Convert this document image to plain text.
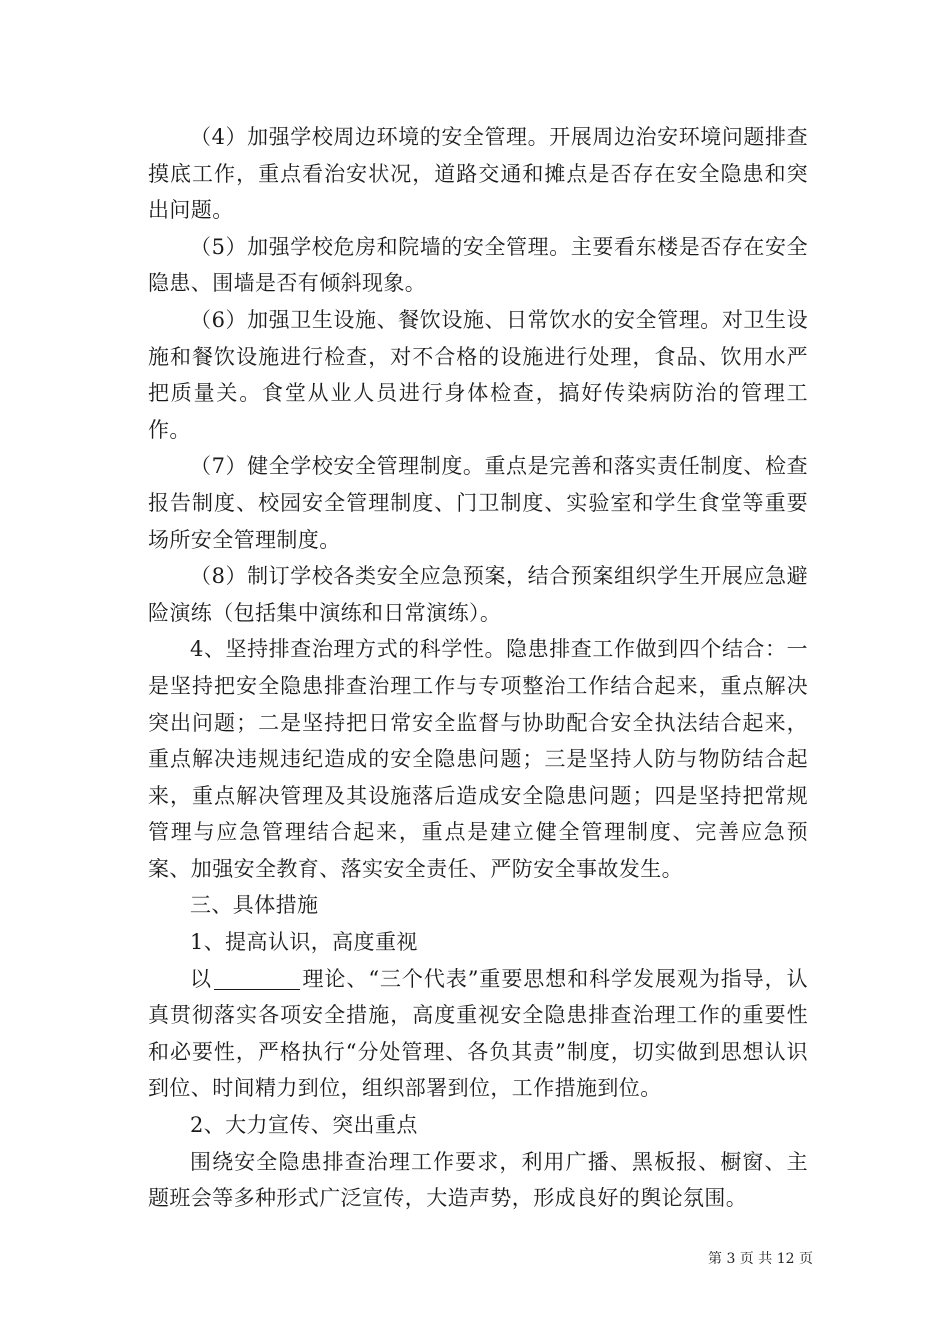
（4）加强学校周边环境的安全管理。开展周边治安环境问题排查摸底工作，重点看治安状况，道路交通和摊点是否存在安全隐患和突出问题。

（5）加强学校危房和院墙的安全管理。主要看东楼是否存在安全隐患、围墙是否有倾斜现象。

（6）加强卫生设施、餐饮设施、日常饮水的安全管理。对卫生设施和餐饮设施进行检查，对不合格的设施进行处理，食品、饮用水严把质量关。食堂从业人员进行身体检查，搞好传染病防治的管理工作。

（7）健全学校安全管理制度。重点是完善和落实责任制度、检查报告制度、校园安全管理制度、门卫制度、实验室和学生食堂等重要场所安全管理制度。

（8）制订学校各类安全应急预案，结合预案组织学生开展应急避险演练（包括集中演练和日常演练）。

4、坚持排查治理方式的科学性。隐患排查工作做到四个结合：一是坚持把安全隐患排查治理工作与专项整治工作结合起来，重点解决突出问题；二是坚持把日常安全监督与协助配合安全执法结合起来，重点解决违规违纪造成的安全隐患问题；三是坚持人防与物防结合起来，重点解决管理及其设施落后造成安全隐患问题；四是坚持把常规管理与应急管理结合起来，重点是建立健全管理制度、完善应急预案、加强安全教育、落实安全责任、严防安全事故发生。

三、具体措施

1、提高认识，高度重视

以	理论、“三个代表”重要思想和科学发展观为指导，认真贯彻落实各项安全措施，高度重视安全隐患排查治理工作的重要性和必要性，严格执行“分处管理、各负其责”制度，切实做到思想认识到位、时间精力到位，组织部署到位，工作措施到位。

2、大力宣传、突出重点

围绕安全隐患排查治理工作要求，利用广播、黑板报、橱窗、主题班会等多种形式广泛宣传，大造声势，形成良好的舆论氛围。

第 3 页 共 12 页
